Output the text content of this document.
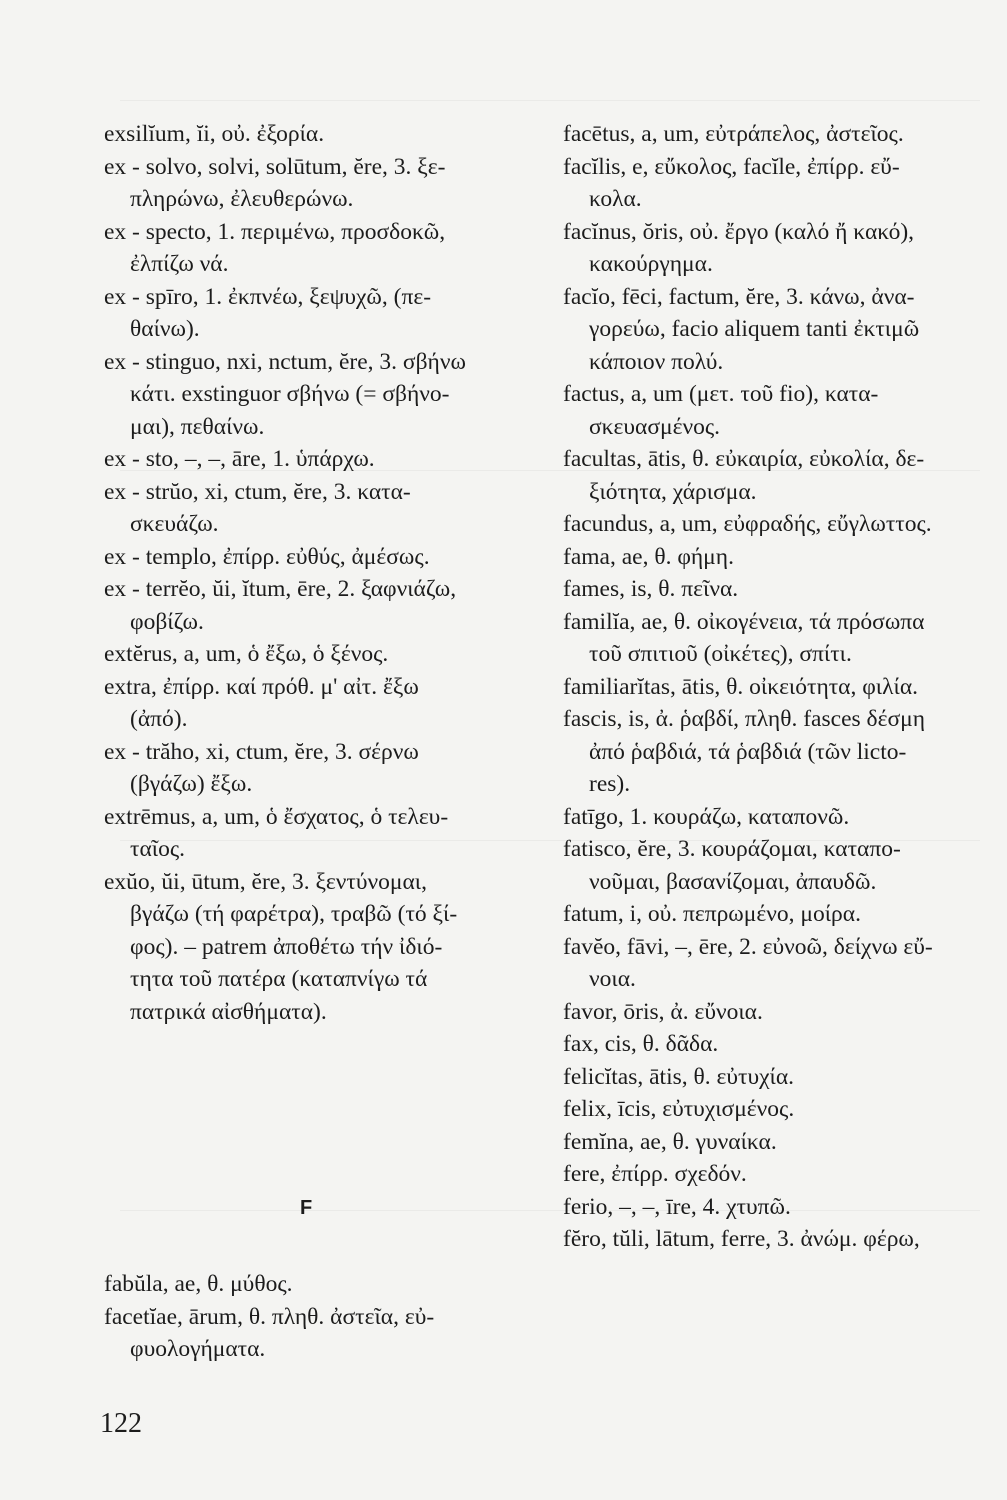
exsilĭum, ĭi, οὐ. ἐξορία.

ex - solvo, solvi, solūtum, ĕre, 3. ξε-
πληρώνω, ἐλευθερώνω.

ex - specto, 1. περιμένω, προσδοκῶ,
ἐλπίζω νά.

ex - spīro, 1. ἐκπνέω, ξεψυχῶ, (πε-
θαίνω).

ex - stinguo, nxi, nctum, ĕre, 3. σβήνω
κάτι. exstinguor σβήνω (= σβήνο-
μαι), πεθαίνω.

ex - sto, –, –, āre, 1. ὑπάρχω.

ex - strŭo, xi, ctum, ĕre, 3. κατα-
σκευάζω.

ex - templo, ἐπίρρ. εὐθύς, ἀμέσως.

ex - terrĕo, ŭi, ĭtum, ēre, 2. ξαφνιάζω,
φοβίζω.

extĕrus, a, um, ὁ ἔξω, ὁ ξένος.

extra, ἐπίρρ. καί πρόθ. μ' αἰτ. ἔξω
(ἀπό).

ex - trăho, xi, ctum, ĕre, 3. σέρνω
(βγάζω) ἔξω.

extrēmus, a, um, ὁ ἔσχατος, ὁ τελευ-
ταῖος.

exŭo, ŭi, ūtum, ĕre, 3. ξεντύνομαι,
βγάζω (τή φαρέτρα), τραβῶ (τό ξί-
φος). – patrem ἀποθέτω τήν ἰδιό-
τητα τοῦ πατέρα (καταπνίγω τά
πατρικά αἰσθήματα).

F

fabŭla, ae, θ. μύθος.

facetĭae, ārum, θ. πληθ. ἀστεῖα, εὐ-
φυολογήματα.

facētus, a, um, εὐτράπελος, ἀστεῖος.

facĭlis, e, εὔκολος, facĭle, ἐπίρρ. εὔ-
κολα.

facĭnus, ŏris, οὐ. ἔργο (καλό ἤ κακό),
κακούργημα.

facĭo, fēci, factum, ĕre, 3. κάνω, ἀνα-
γορεύω, facio aliquem tanti ἐκτιμῶ
κάποιον πολύ.

factus, a, um (μετ. τοῦ fio), κατα-
σκευασμένος.

facultas, ātis, θ. εὐκαιρία, εὐκολία, δε-
ξιότητα, χάρισμα.

facundus, a, um, εὐφραδής, εὔγλωττος.

fama, ae, θ. φήμη.

fames, is, θ. πεῖνα.

familĭa, ae, θ. οἰκογένεια, τά πρόσωπα
τοῦ σπιτιοῦ (οἰκέτες), σπίτι.

familiarĭtas, ātis, θ. οἰκειότητα, φιλία.

fascis, is, ἀ. ῥαβδί, πληθ. fasces δέσμη
ἀπό ῥαβδιά, τά ῥαβδιά (τῶν licto-
res).

fatīgo, 1. κουράζω, καταπονῶ.

fatisco, ĕre, 3. κουράζομαι, καταπο-
νοῦμαι, βασανίζομαι, ἀπαυδῶ.

fatum, i, οὐ. πεπρωμένο, μοίρα.

favĕo, fāvi, –, ēre, 2. εὐνοῶ, δείχνω εὔ-
νοια.

favor, ōris, ἀ. εὔνοια.

fax, cis, θ. δᾶδα.

felicĭtas, ātis, θ. εὐτυχία.

felix, īcis, εὐτυχισμένος.

femĭna, ae, θ. γυναίκα.

fere, ἐπίρρ. σχεδόν.

ferio, –, –, īre, 4. χτυπῶ.

fĕro, tŭli, lātum, ferre, 3. ἀνώμ. φέρω,

122
